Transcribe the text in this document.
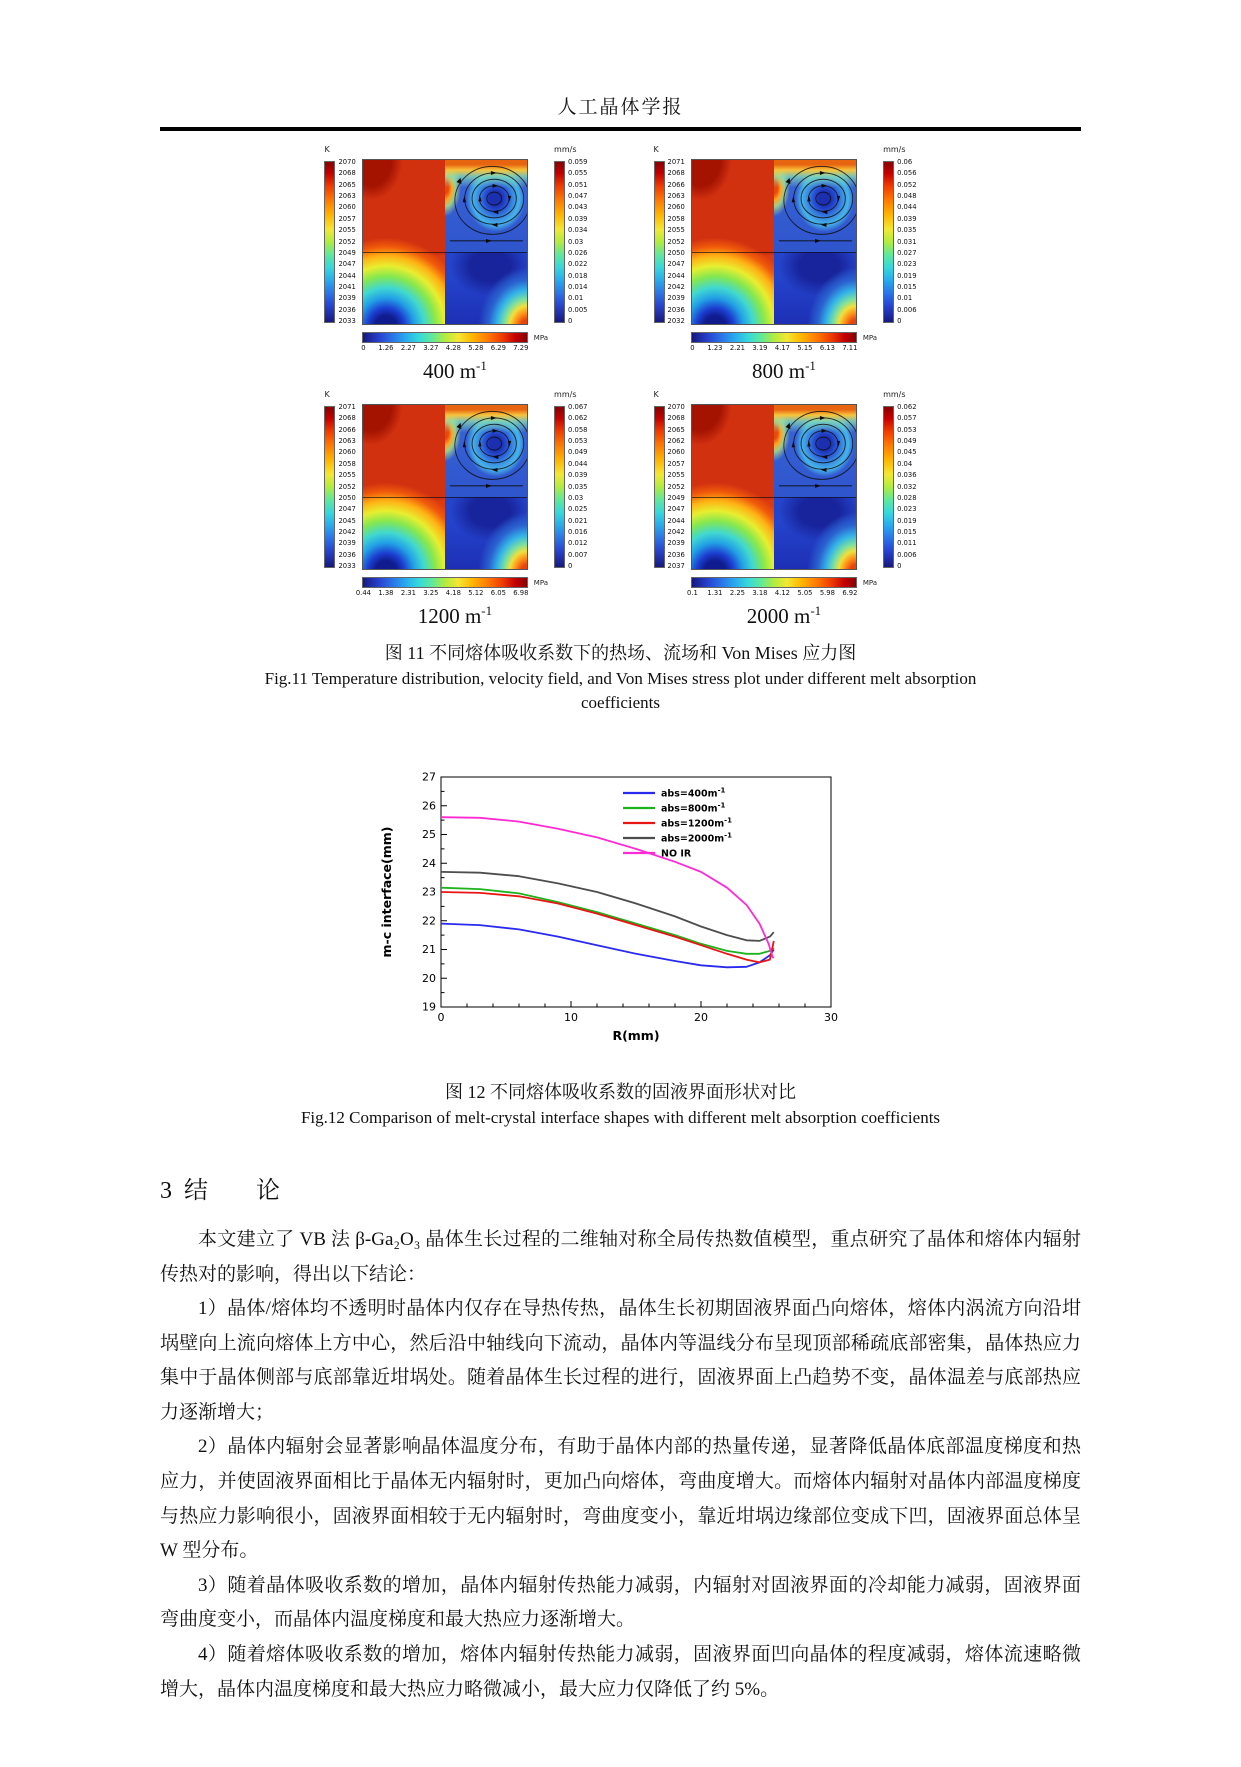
人工晶体学报
K
2070
2068
2065
2063
2060
2057
2055
2052
2049
2047
2044
2041
2039
2036
2033
MPa
0 1.26 2.27 3.27 4.28 5.28 6.29 7.29
400 $m^{-1}$
mm/s
0.059
0.055
0.051
0.047
0.043
0.039
0.034
0.03
0.026
0.022
0.018
0.014
0.01
0.005
0
K
2071
2068
2066
2063
2060
2058
2055
2052
2050
2047
2044
2042
2039
2036
2032
MPa
0 1.23 2.21 3.19 4.17 5.15 6.13 7.11
800 $m^{-1}$
mm/s
0.06
0.056
0.052
0.048
0.044
0.039
0.035
0.031
0.027
0.023
0.019
0.015
0.01
0.006
0
K
2071
2068
2066
2063
2060
2058
2055
2052
2050
2047
2045
2042
2039
2036
2033
MPa
0.44 1.38 2.31 3.25 4.18 5.12 6.05 6.98
1200 $m^{-1}$
mm/s
0.067
0.062
0.058
0.053
0.049
0.044
0.039
0.035
0.03
0.025
0.021
0.016
0.012
0.007
0
K
2070
2068
2065
2062
2060
2057
2055
2052
2049
2047
2044
2042
2039
2036
2037
MPa
0.1 1.31 2.25 3.18 4.12 5.05 5.98 6.92
2000 $m^{-1}$
mm/s
0.062
0.057
0.053
0.049
0.045
0.04
0.036
0.032
0.028
0.023
0.019
0.015
0.011
0.006
0
图 11 不同熔体吸收系数下的热场、流场和 Von Mises 应力图
Fig.11 Temperature distribution, velocity field, and Von Mises stress plot under different melt absorption
coefficients
0	10	20	30
19
20
21
22
23
24
25
26
27
$abs=400m^{-1}$
$abs=800m^{-1}$
$abs=1200m^{-1}$
$abs=2000m^{-1}$
NO IR
R(mm)
m-c interface(mm)
图 12 不同熔体吸收系数的固液界面形状对比
Fig.12 Comparison of melt-crystal interface shapes with different melt absorption coefficients
3 结　　论

本文建立了 VB 法 β-Ga₂O₃ 晶体生长过程的二维轴对称全局传热数值模型，重点研究了晶体和熔体内辐射传热对的影响，得出以下结论：

1）晶体/熔体均不透明时晶体内仅存在导热传热，晶体生长初期固液界面凸向熔体，熔体内涡流方向沿坩埚壁向上流向熔体上方中心，然后沿中轴线向下流动，晶体内等温线分布呈现顶部稀疏底部密集，晶体热应力集中于晶体侧部与底部靠近坩埚处。随着晶体生长过程的进行，固液界面上凸趋势不变，晶体温差与底部热应力逐渐增大；

2）晶体内辐射会显著影响晶体温度分布，有助于晶体内部的热量传递，显著降低晶体底部温度梯度和热应力，并使固液界面相比于晶体无内辐射时，更加凸向熔体，弯曲度增大。而熔体内辐射对晶体内部温度梯度与热应力影响很小，固液界面相较于无内辐射时，弯曲度变小，靠近坩埚边缘部位变成下凹，固液界面总体呈 W 型分布。

3）随着晶体吸收系数的增加，晶体内辐射传热能力减弱，内辐射对固液界面的冷却能力减弱，固液界面弯曲度变小，而晶体内温度梯度和最大热应力逐渐增大。

4）随着熔体吸收系数的增加，熔体内辐射传热能力减弱，固液界面凹向晶体的程度减弱，熔体流速略微增大，晶体内温度梯度和最大热应力略微减小，最大应力仅降低了约 5%。
